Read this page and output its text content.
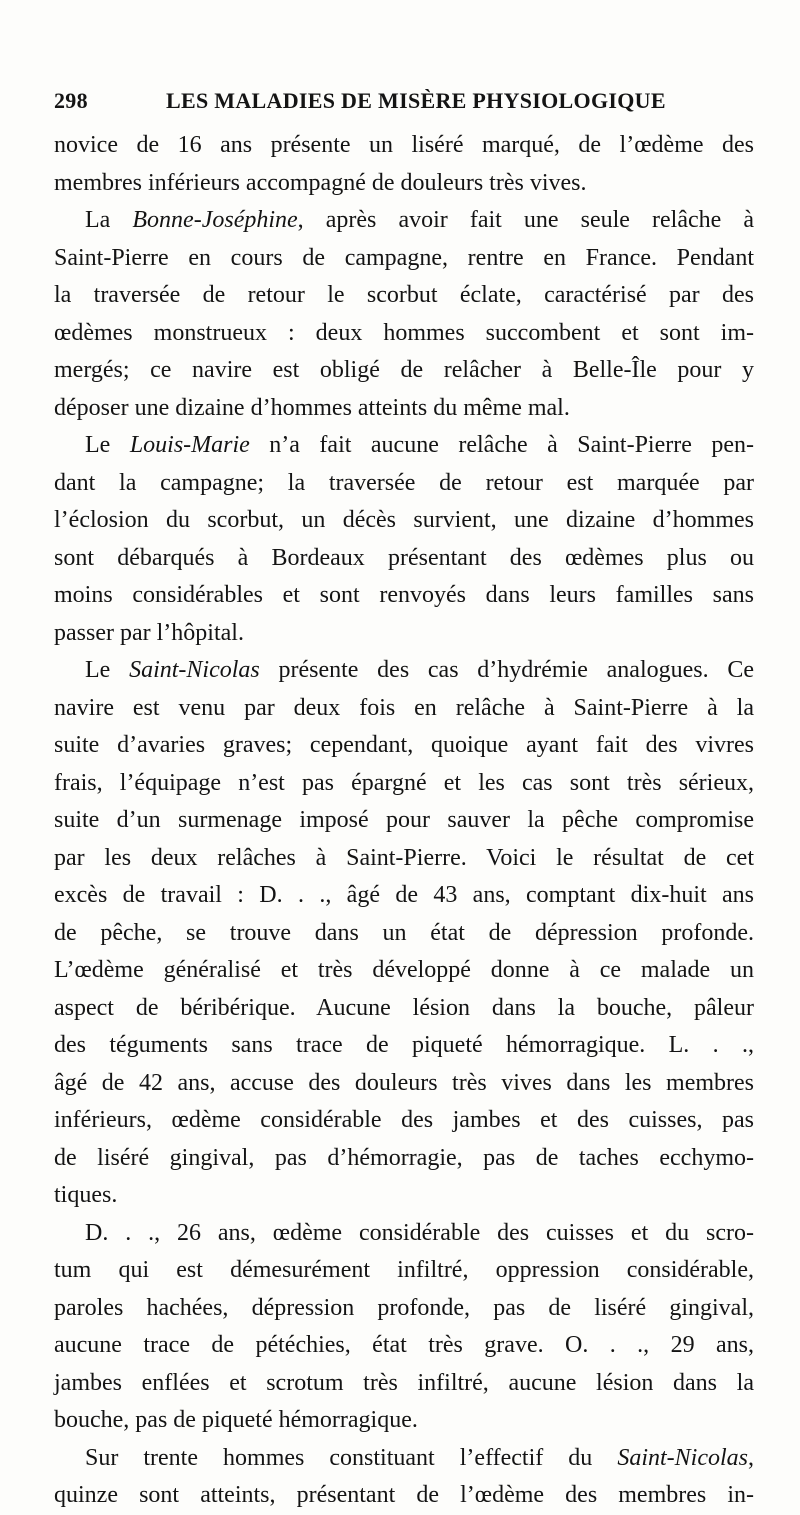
298	LES MALADIES DE MISÈRE PHYSIOLOGIQUE
novice de 16 ans présente un liséré marqué, de l’œdème des
membres inférieurs accompagné de douleurs très vives.
La Bonne-Joséphine, après avoir fait une seule relâche à
Saint-Pierre en cours de campagne, rentre en France. Pendant
la traversée de retour le scorbut éclate, caractérisé par des
œdèmes monstrueux : deux hommes succombent et sont im-
mergés; ce navire est obligé de relâcher à Belle-Île pour y
déposer une dizaine d’hommes atteints du même mal.
Le Louis-Marie n’a fait aucune relâche à Saint-Pierre pen-
dant la campagne; la traversée de retour est marquée par
l’éclosion du scorbut, un décès survient, une dizaine d’hommes
sont débarqués à Bordeaux présentant des œdèmes plus ou
moins considérables et sont renvoyés dans leurs familles sans
passer par l’hôpital.
Le Saint-Nicolas présente des cas d’hydrémie analogues. Ce
navire est venu par deux fois en relâche à Saint-Pierre à la
suite d’avaries graves; cependant, quoique ayant fait des vivres
frais, l’équipage n’est pas épargné et les cas sont très sérieux,
suite d’un surmenage imposé pour sauver la pêche compromise
par les deux relâches à Saint-Pierre. Voici le résultat de cet
excès de travail : D. . ., âgé de 43 ans, comptant dix-huit ans
de pêche, se trouve dans un état de dépression profonde.
L’œdème généralisé et très développé donne à ce malade un
aspect de béribérique. Aucune lésion dans la bouche, pâleur
des téguments sans trace de piqueté hémorragique. L. . .,
âgé de 42 ans, accuse des douleurs très vives dans les membres
inférieurs, œdème considérable des jambes et des cuisses, pas
de liséré gingival, pas d’hémorragie, pas de taches ecchymo-
tiques.
D. . ., 26 ans, œdème considérable des cuisses et du scro-
tum qui est démesurément infiltré, oppression considérable,
paroles hachées, dépression profonde, pas de liséré gingival,
aucune trace de pétéchies, état très grave. O. . ., 29 ans,
jambes enflées et scrotum très infiltré, aucune lésion dans la
bouche, pas de piqueté hémorragique.
Sur trente hommes constituant l’effectif du Saint-Nicolas,
quinze sont atteints, présentant de l’œdème des membres in-
